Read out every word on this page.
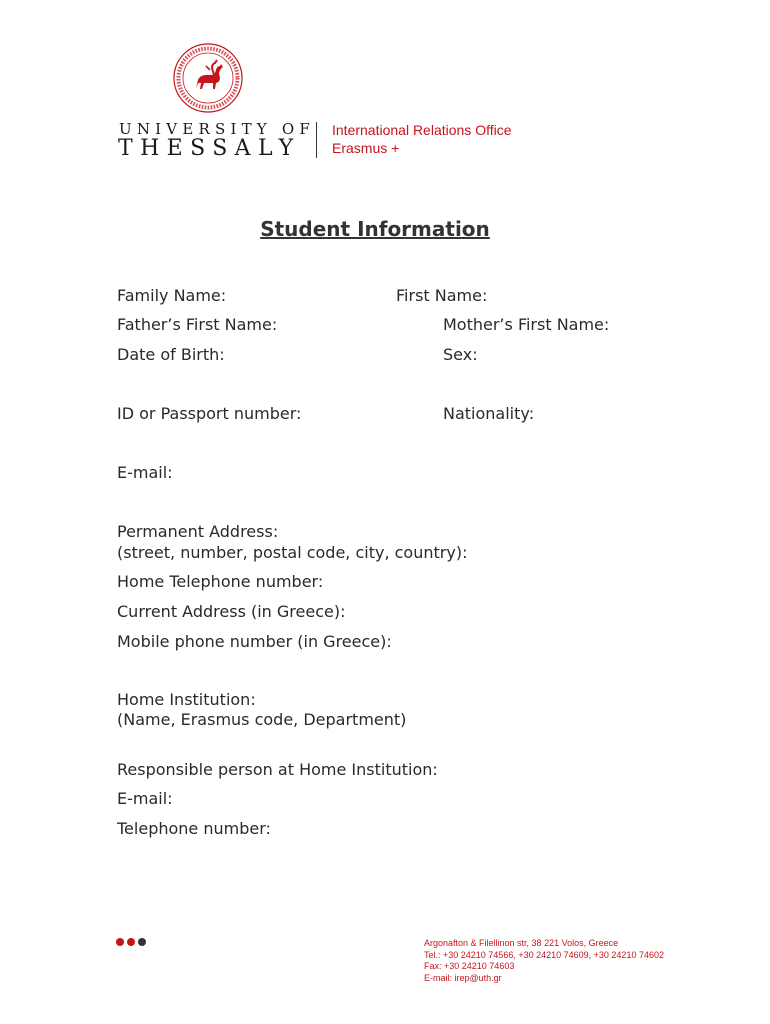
UNIVERSITY OF
THESSALY
International Relations Office
Erasmus +
Student Information
Family Name:	First Name:
Father’s First Name:	Mother’s First Name:
Date of Birth:	Sex:
ID or Passport number:	Nationality:
E-mail:
Permanent Address:
(street, number, postal code, city, country):
Home Telephone number:
Current Address (in Greece):
Mobile phone number (in Greece):
Home Institution:
(Name, Erasmus code, Department)
Responsible person at Home Institution:
E-mail:
Telephone number:
Argonafton & Filellinon str, 38 221 Volos, Greece
Tel.: +30 24210 74566, +30 24210 74609, +30 24210 74602
Fax: +30 24210 74603
E-mail: irep@uth.gr
